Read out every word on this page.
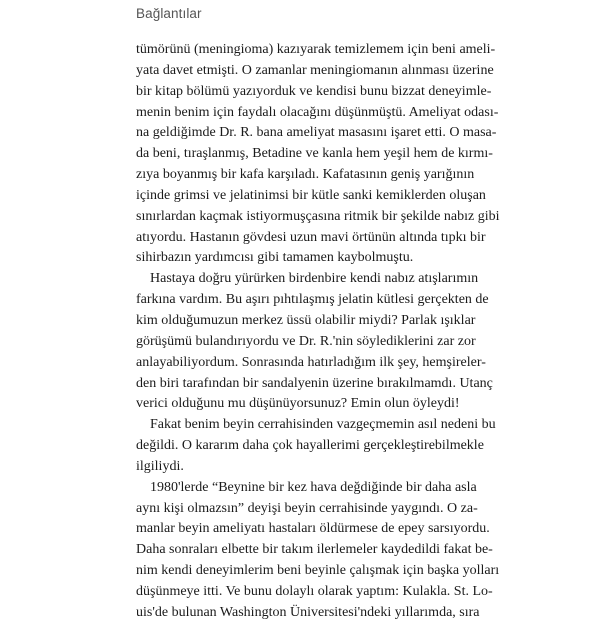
Bağlantılar
tümörünü (meningioma) kazıyarak temizlemem için beni ameli-
yata davet etmişti. O zamanlar meningiomanın alınması üzerine
bir kitap bölümü yazıyorduk ve kendisi bunu bizzat deneyimle-
menin benim için faydalı olacağını düşünmüştü. Ameliyat odası-
na geldiğimde Dr. R. bana ameliyat masasını işaret etti. O masa-
da beni, tıraşlanmış, Betadine ve kanla hem yeşil hem de kırmı-
zıya boyanmış bir kafa karşıladı. Kafatasının geniş yarığının
içinde grimsi ve jelatinimsi bir kütle sanki kemiklerden oluşan
sınırlardan kaçmak istiyormuşçasına ritmik bir şekilde nabız gibi
atıyordu. Hastanın gövdesi uzun mavi örtünün altında tıpkı bir
sihirbazın yardımcısı gibi tamamen kaybolmuştu.
Hastaya doğru yürürken birdenbire kendi nabız atışlarımın
farkına vardım. Bu aşırı pıhtılaşmış jelatin kütlesi gerçekten de
kim olduğumuzun merkez üssü olabilir miydi? Parlak ışıklar
görüşümü bulandırıyordu ve Dr. R.'nin söylediklerini zar zor
anlayabiliyordum. Sonrasında hatırladığım ilk şey, hemşireler-
den biri tarafından bir sandalyenin üzerine bırakılmamdı. Utanç
verici olduğunu mu düşünüyorsunuz? Emin olun öyleydi!
Fakat benim beyin cerrahisinden vazgeçmemin asıl nedeni bu
değildi. O kararım daha çok hayallerimi gerçekleştirebilmekle
ilgiliydi.
1980'lerde “Beynine bir kez hava değdiğinde bir daha asla
aynı kişi olmazsın” deyişi beyin cerrahisinde yaygındı. O za-
manlar beyin ameliyatı hastaları öldürmese de epey sarsıyordu.
Daha sonraları elbette bir takım ilerlemeler kaydedildi fakat be-
nim kendi deneyimlerim beni beyinle çalışmak için başka yolları
düşünmeye itti. Ve bunu dolaylı olarak yaptım: Kulakla. St. Lo-
uis'de bulunan Washington Üniversitesi'ndeki yıllarımda, sıra
